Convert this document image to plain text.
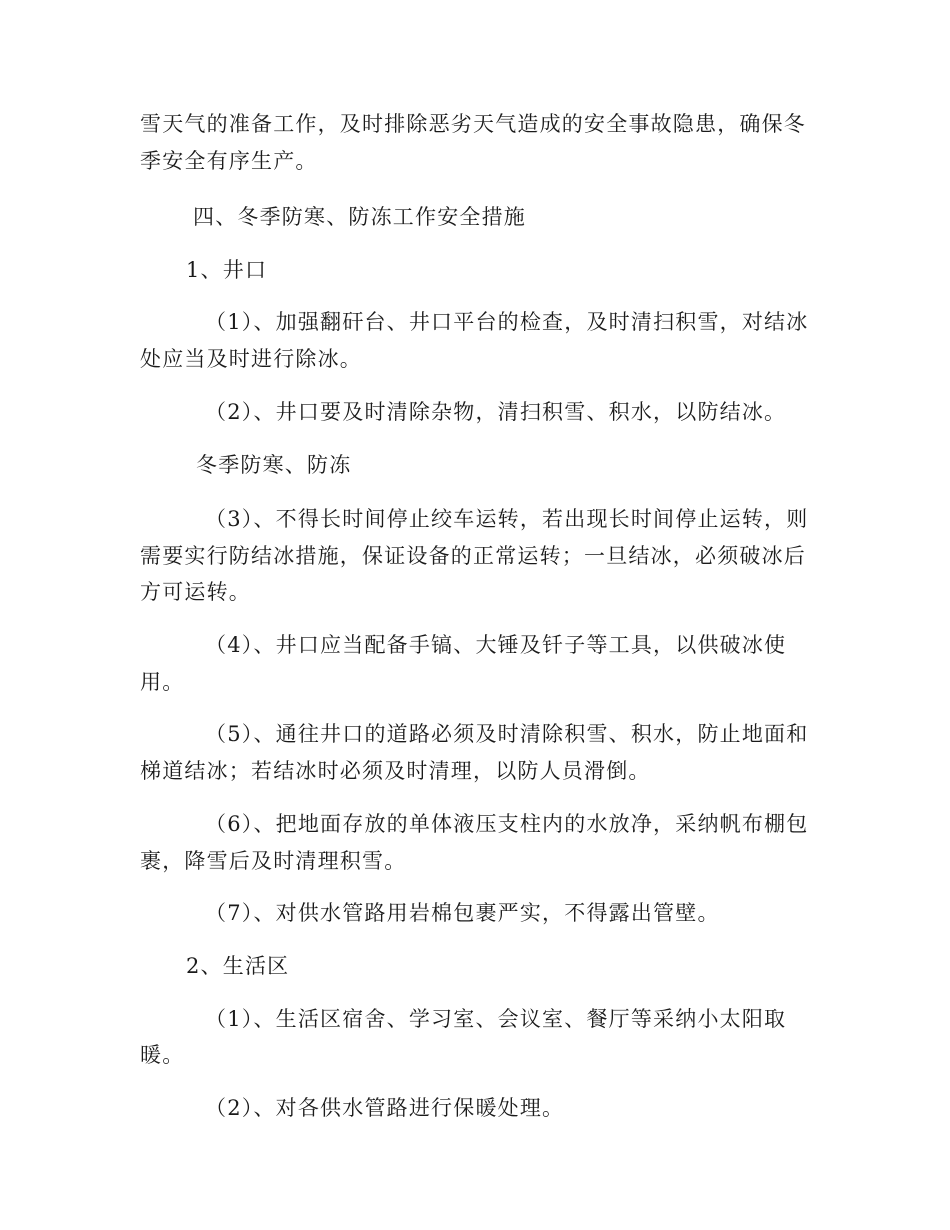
雪天气的准备工作，及时排除恶劣天气造成的安全事故隐患，确保冬
季安全有序生产。
四、冬季防寒、防冻工作安全措施
1、井口
（1）、加强翻矸台、井口平台的检查，及时清扫积雪，对结冰
处应当及时进行除冰。
（2）、井口要及时清除杂物，清扫积雪、积水，以防结冰。
冬季防寒、防冻
（3）、不得长时间停止绞车运转，若出现长时间停止运转，则
需要实行防结冰措施，保证设备的正常运转；一旦结冰，必须破冰后
方可运转。
（4）、井口应当配备手镐、大锤及钎子等工具，以供破冰使
用。
（5）、通往井口的道路必须及时清除积雪、积水，防止地面和
梯道结冰；若结冰时必须及时清理，以防人员滑倒。
（6）、把地面存放的单体液压支柱内的水放净，采纳帆布棚包
裹，降雪后及时清理积雪。
（7）、对供水管路用岩棉包裹严实，不得露出管壁。
2、生活区
（1）、生活区宿舍、学习室、会议室、餐厅等采纳小太阳取
暖。
（2）、对各供水管路进行保暖处理。
